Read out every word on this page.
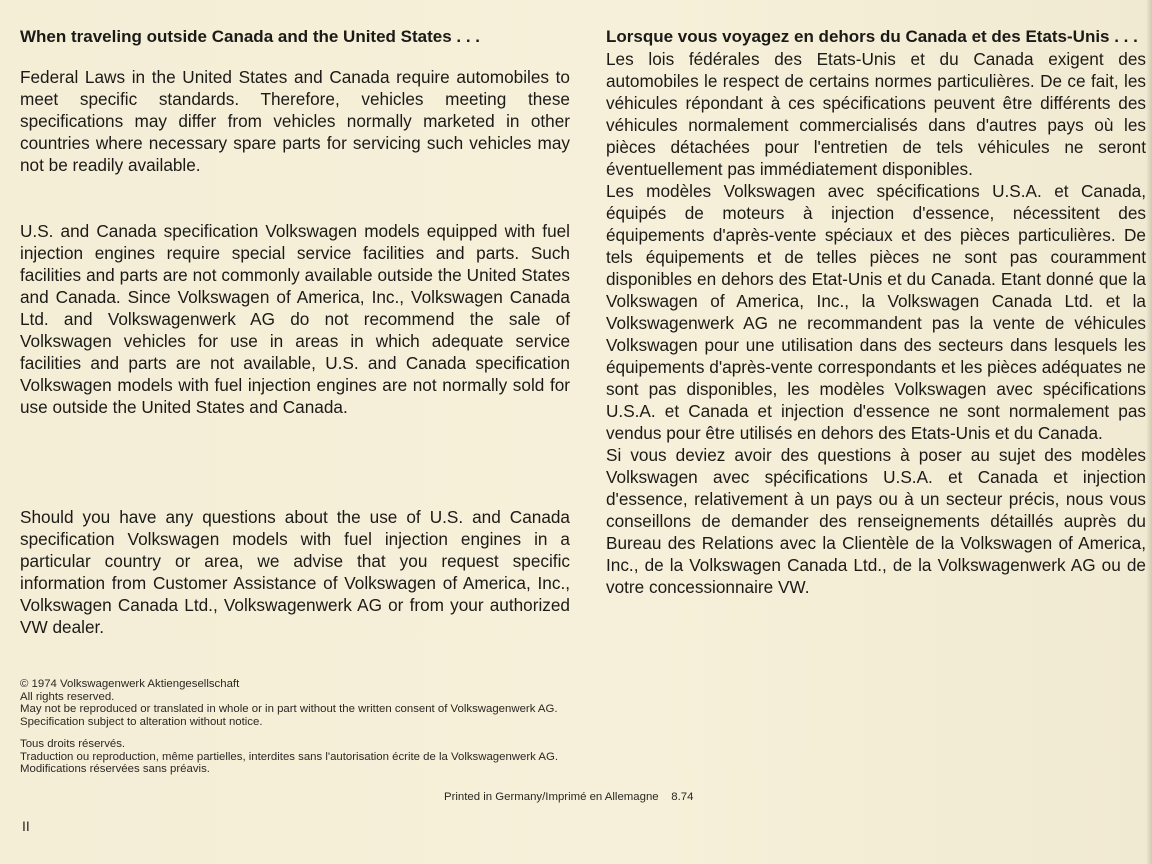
When traveling outside Canada and the United States . . .

Federal Laws in the United States and Canada require automobiles to meet specific standards. Therefore, vehicles meeting these specifications may differ from vehicles normally marketed in other countries where necessary spare parts for servicing such vehicles may not be readily available.

U.S. and Canada specification Volkswagen models equipped with fuel injection engines require special service facilities and parts. Such facilities and parts are not commonly available outside the United States and Canada. Since Volkswagen of America, Inc., Volkswagen Canada Ltd. and Volkswagenwerk AG do not recommend the sale of Volkswagen vehicles for use in areas in which adequate service facilities and parts are not available, U.S. and Canada specification Volkswagen models with fuel injection engines are not normally sold for use outside the United States and Canada.

Should you have any questions about the use of U.S. and Canada specification Volkswagen models with fuel injection engines in a particular country or area, we advise that you request specific information from Customer Assistance of Volkswagen of America, Inc., Volkswagen Canada Ltd., Volkswagenwerk AG or from your authorized VW dealer.

Lorsque vous voyagez en dehors du Canada et des Etats-Unis . . .

Les lois fédérales des Etats-Unis et du Canada exigent des automobiles le respect de certains normes particulières. De ce fait, les véhicules répondant à ces spécifications peuvent être différents des véhicules normalement commercialisés dans d'autres pays où les pièces détachées pour l'entretien de tels véhicules ne seront éventuellement pas immédiatement disponibles.

Les modèles Volkswagen avec spécifications U.S.A. et Canada, équipés de moteurs à injection d'essence, nécessitent des équipements d'après-vente spéciaux et des pièces particulières. De tels équipements et de telles pièces ne sont pas couramment disponibles en dehors des Etat-Unis et du Canada. Etant donné que la Volkswagen of America, Inc., la Volkswagen Canada Ltd. et la Volkswagenwerk AG ne recommandent pas la vente de véhicules Volkswagen pour une utilisation dans des secteurs dans lesquels les équipements d'après-vente correspondants et les pièces adéquates ne sont pas disponibles, les modèles Volkswagen avec spécifications U.S.A. et Canada et injection d'essence ne sont normalement pas vendus pour être utilisés en dehors des Etats-Unis et du Canada.

Si vous deviez avoir des questions à poser au sujet des modèles Volkswagen avec spécifications U.S.A. et Canada et injection d'essence, relativement à un pays ou à un secteur précis, nous vous conseillons de demander des renseignements détaillés auprès du Bureau des Relations avec la Clientèle de la Volkswagen of America, Inc., de la Volkswagen Canada Ltd., de la Volkswagenwerk AG ou de votre concessionnaire VW.

© 1974 Volkswagenwerk Aktiengesellschaft
All rights reserved.
May not be reproduced or translated in whole or in part without the written consent of Volkswagenwerk AG.
Specification subject to alteration without notice.
Tous droits réservés.
Traduction ou reproduction, même partielles, interdites sans l'autorisation écrite de la Volkswagenwerk AG.
Modifications réservées sans préavis.
Printed in Germany/Imprimé en Allemagne    8.74
II
